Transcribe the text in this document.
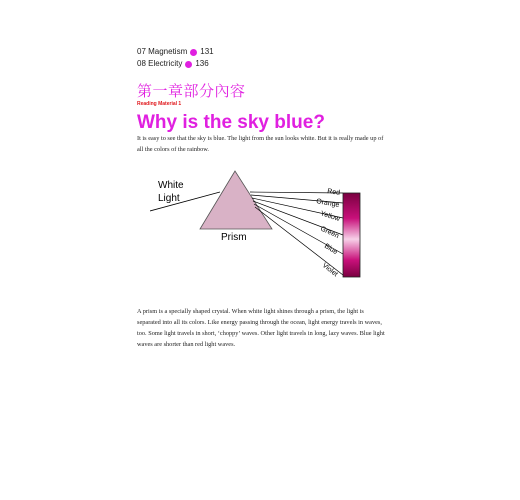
07 Magnetism 131
08 Electricity 136
第一章部分內容
Reading Material 1
Why is the sky blue?
It is easy to see that the sky is blue. The light from the sun looks white. But it is really made up of all the colors of the rainbow.
White Light
Prism
Red
Orange
Yellow
Green
Blue
Violet
A prism is a specially shaped crystal. When white light shines through a prism, the light is separated into all its colors. Like energy passing through the ocean, light energy travels in waves, too. Some light travels in short, ‘choppy’ waves. Other light travels in long, lazy waves. Blue light waves are shorter than red light waves.
